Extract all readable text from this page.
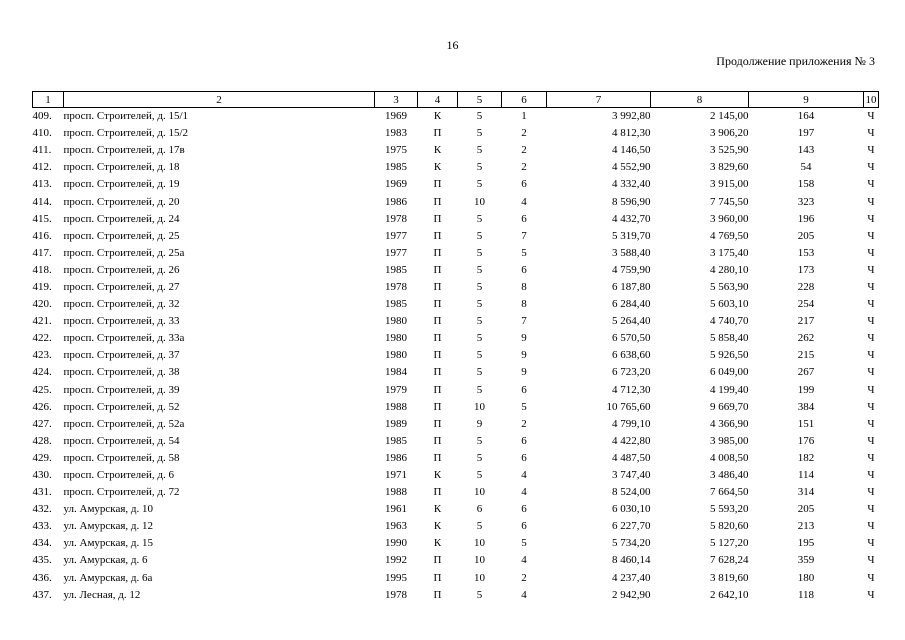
16
Продолжение приложения № 3
1	2	3	4	5	6	7	8	9	10
409.	просп. Строителей, д. 15/1	1969	К	5	1	3 992,80	2 145,00	164	Ч
410.	просп. Строителей, д. 15/2	1983	П	5	2	4 812,30	3 906,20	197	Ч
411.	просп. Строителей, д. 17в	1975	К	5	2	4 146,50	3 525,90	143	Ч
412.	просп. Строителей, д. 18	1985	К	5	2	4 552,90	3 829,60	54	Ч
413.	просп. Строителей, д. 19	1969	П	5	6	4 332,40	3 915,00	158	Ч
414.	просп. Строителей, д. 20	1986	П	10	4	8 596,90	7 745,50	323	Ч
415.	просп. Строителей, д. 24	1978	П	5	6	4 432,70	3 960,00	196	Ч
416.	просп. Строителей, д. 25	1977	П	5	7	5 319,70	4 769,50	205	Ч
417.	просп. Строителей, д. 25а	1977	П	5	5	3 588,40	3 175,40	153	Ч
418.	просп. Строителей, д. 26	1985	П	5	6	4 759,90	4 280,10	173	Ч
419.	просп. Строителей, д. 27	1978	П	5	8	6 187,80	5 563,90	228	Ч
420.	просп. Строителей, д. 32	1985	П	5	8	6 284,40	5 603,10	254	Ч
421.	просп. Строителей, д. 33	1980	П	5	7	5 264,40	4 740,70	217	Ч
422.	просп. Строителей, д. 33а	1980	П	5	9	6 570,50	5 858,40	262	Ч
423.	просп. Строителей, д. 37	1980	П	5	9	6 638,60	5 926,50	215	Ч
424.	просп. Строителей, д. 38	1984	П	5	9	6 723,20	6 049,00	267	Ч
425.	просп. Строителей, д. 39	1979	П	5	6	4 712,30	4 199,40	199	Ч
426.	просп. Строителей, д. 52	1988	П	10	5	10 765,60	9 669,70	384	Ч
427.	просп. Строителей, д. 52а	1989	П	9	2	4 799,10	4 366,90	151	Ч
428.	просп. Строителей, д. 54	1985	П	5	6	4 422,80	3 985,00	176	Ч
429.	просп. Строителей, д. 58	1986	П	5	6	4 487,50	4 008,50	182	Ч
430.	просп. Строителей, д. 6	1971	К	5	4	3 747,40	3 486,40	114	Ч
431.	просп. Строителей, д. 72	1988	П	10	4	8 524,00	7 664,50	314	Ч
432.	ул. Амурская, д. 10	1961	К	6	6	6 030,10	5 593,20	205	Ч
433.	ул. Амурская, д. 12	1963	К	5	6	6 227,70	5 820,60	213	Ч
434.	ул. Амурская, д. 15	1990	К	10	5	5 734,20	5 127,20	195	Ч
435.	ул. Амурская, д. 6	1992	П	10	4	8 460,14	7 628,24	359	Ч
436.	ул. Амурская, д. 6а	1995	П	10	2	4 237,40	3 819,60	180	Ч
437.	ул. Лесная, д. 12	1978	П	5	4	2 942,90	2 642,10	118	Ч
